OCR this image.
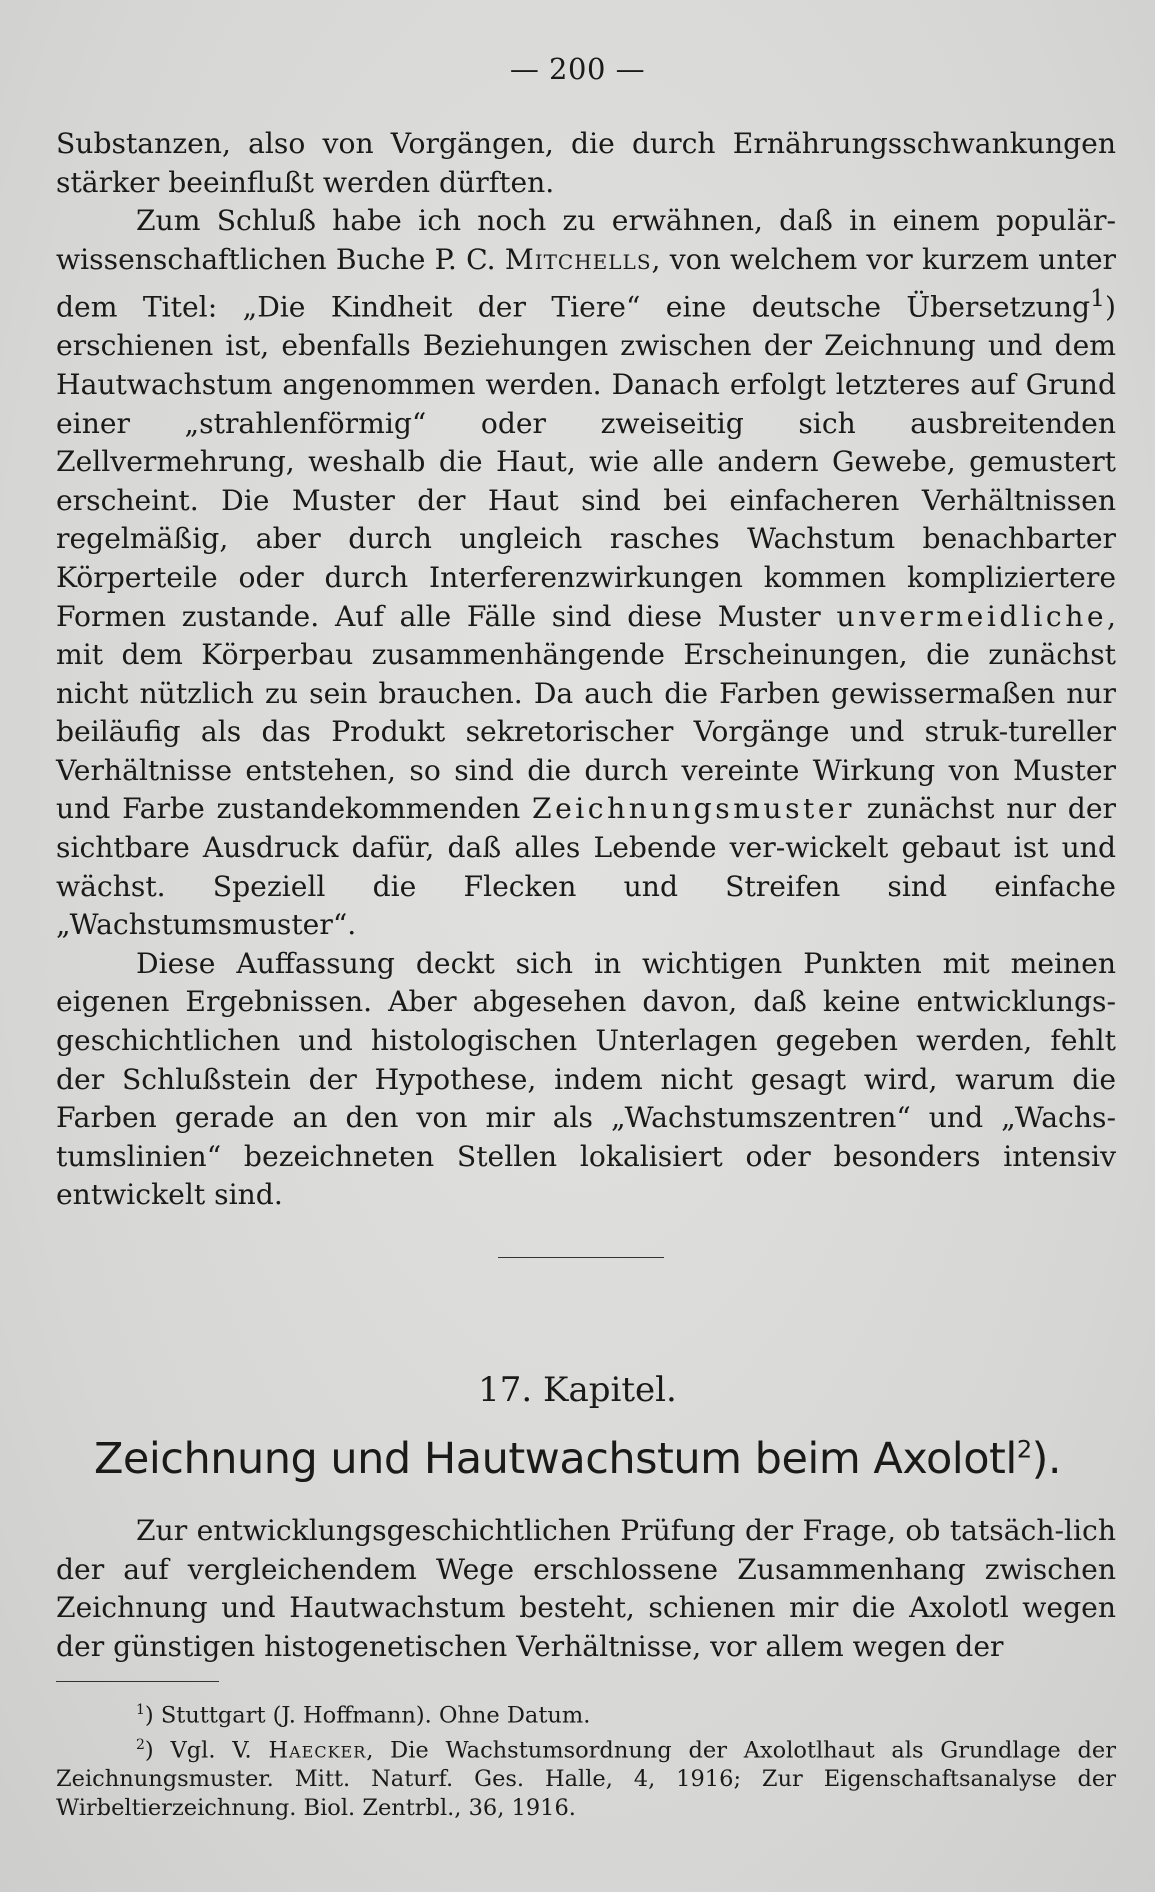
— 200 —

Substanzen, also von Vorgängen, die durch Ernährungsschwankungen stärker beeinflußt werden dürften.

Zum Schluß habe ich noch zu erwähnen, daß in einem populär-wissenschaftlichen Buche P. C. Mitchells, von welchem vor kurzem unter dem Titel: „Die Kindheit der Tiere“ eine deutsche Übersetzung$^1$) erschienen ist, ebenfalls Beziehungen zwischen der Zeichnung und dem Hautwachstum angenommen werden. Danach erfolgt letzteres auf Grund einer „strahlenförmig“ oder zweiseitig sich ausbreitenden Zellvermehrung, weshalb die Haut, wie alle andern Gewebe, gemustert erscheint. Die Muster der Haut sind bei einfacheren Verhältnissen regelmäßig, aber durch ungleich rasches Wachstum benachbarter Körperteile oder durch Interferenzwirkungen kommen kompliziertere Formen zustande. Auf alle Fälle sind diese Muster unvermeidliche, mit dem Körperbau zusammenhängende Erscheinungen, die zunächst nicht nützlich zu sein brauchen. Da auch die Farben gewissermaßen nur beiläufig als das Produkt sekretorischer Vorgänge und struk-tureller Verhältnisse entstehen, so sind die durch vereinte Wirkung von Muster und Farbe zustandekommenden Zeichnungsmuster zunächst nur der sichtbare Ausdruck dafür, daß alles Lebende ver-wickelt gebaut ist und wächst. Speziell die Flecken und Streifen sind einfache „Wachstumsmuster“.

Diese Auffassung deckt sich in wichtigen Punkten mit meinen eigenen Ergebnissen. Aber abgesehen davon, daß keine entwicklungs-geschichtlichen und histologischen Unterlagen gegeben werden, fehlt der Schlußstein der Hypothese, indem nicht gesagt wird, warum die Farben gerade an den von mir als „Wachstumszentren“ und „Wachs-tumslinien“ bezeichneten Stellen lokalisiert oder besonders intensiv entwickelt sind.

17. Kapitel.
Zeichnung und Hautwachstum beim Axolotl$^2$).

Zur entwicklungsgeschichtlichen Prüfung der Frage, ob tatsäch-lich der auf vergleichendem Wege erschlossene Zusammenhang zwischen Zeichnung und Hautwachstum besteht, schienen mir die Axolotl wegen der günstigen histogenetischen Verhältnisse, vor allem wegen der

$^1$) Stuttgart (J. Hoffmann). Ohne Datum.

$^2$) Vgl. V. Haecker, Die Wachstumsordnung der Axolotlhaut als Grundlage der Zeichnungsmuster. Mitt. Naturf. Ges. Halle, 4, 1916; Zur Eigenschaftsanalyse der Wirbeltierzeichnung. Biol. Zentrbl., 36, 1916.
